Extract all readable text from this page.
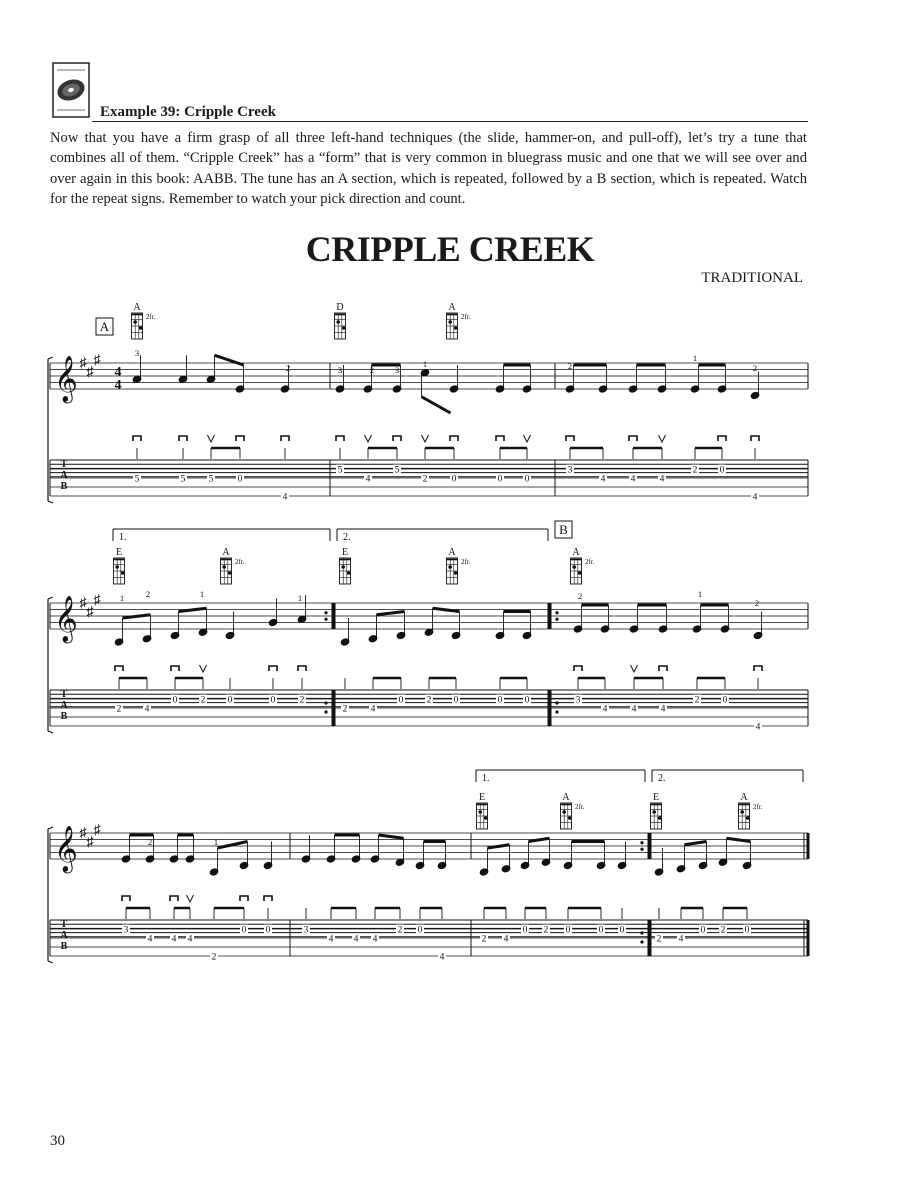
Example 39: Cripple Creek
Now that you have a firm grasp of all three left-hand techniques (the slide, hammer-on, and pull-off), let’s try a tune that combines all of them. “Cripple Creek” has a “form” that is very common in bluegrass music and one that we will see over and over again in this book: AABB. The tune has an A section, which is repeated, followed by a B section, which is repeated. Watch for the repeat signs. Remember to watch your pick direction and count.
CRIPPLE CREEK
TRADITIONAL
𝄞 ♯
♯
♯
4
4
T
A
B
A
A
2fr.
D	A
2fr.
5	5 5	0
4
5
4
5
2	0	0 0
3
4	4	4
2 0
4
3
2	3	2 3
1	2
1
2
𝄞 ♯
♯
♯
T
A
B
B
1.	2.
E	A
2fr.
E	A
2fr.
A
2fr.
2 4
0 2 0	0	2
2 4
0 2 0	0 0	3
4	4	4
2 0
4
1	2	1	1	2	1
2
𝄞 ♯
♯
♯
T
A
B
1.	2.
E	A
2fr.
E	A
2fr.
3
4 4 4
2
0 0	3
4 4 4
2 0
4
2 4
0 2 0	0 0
2 4
0 2 0
2	1
30
